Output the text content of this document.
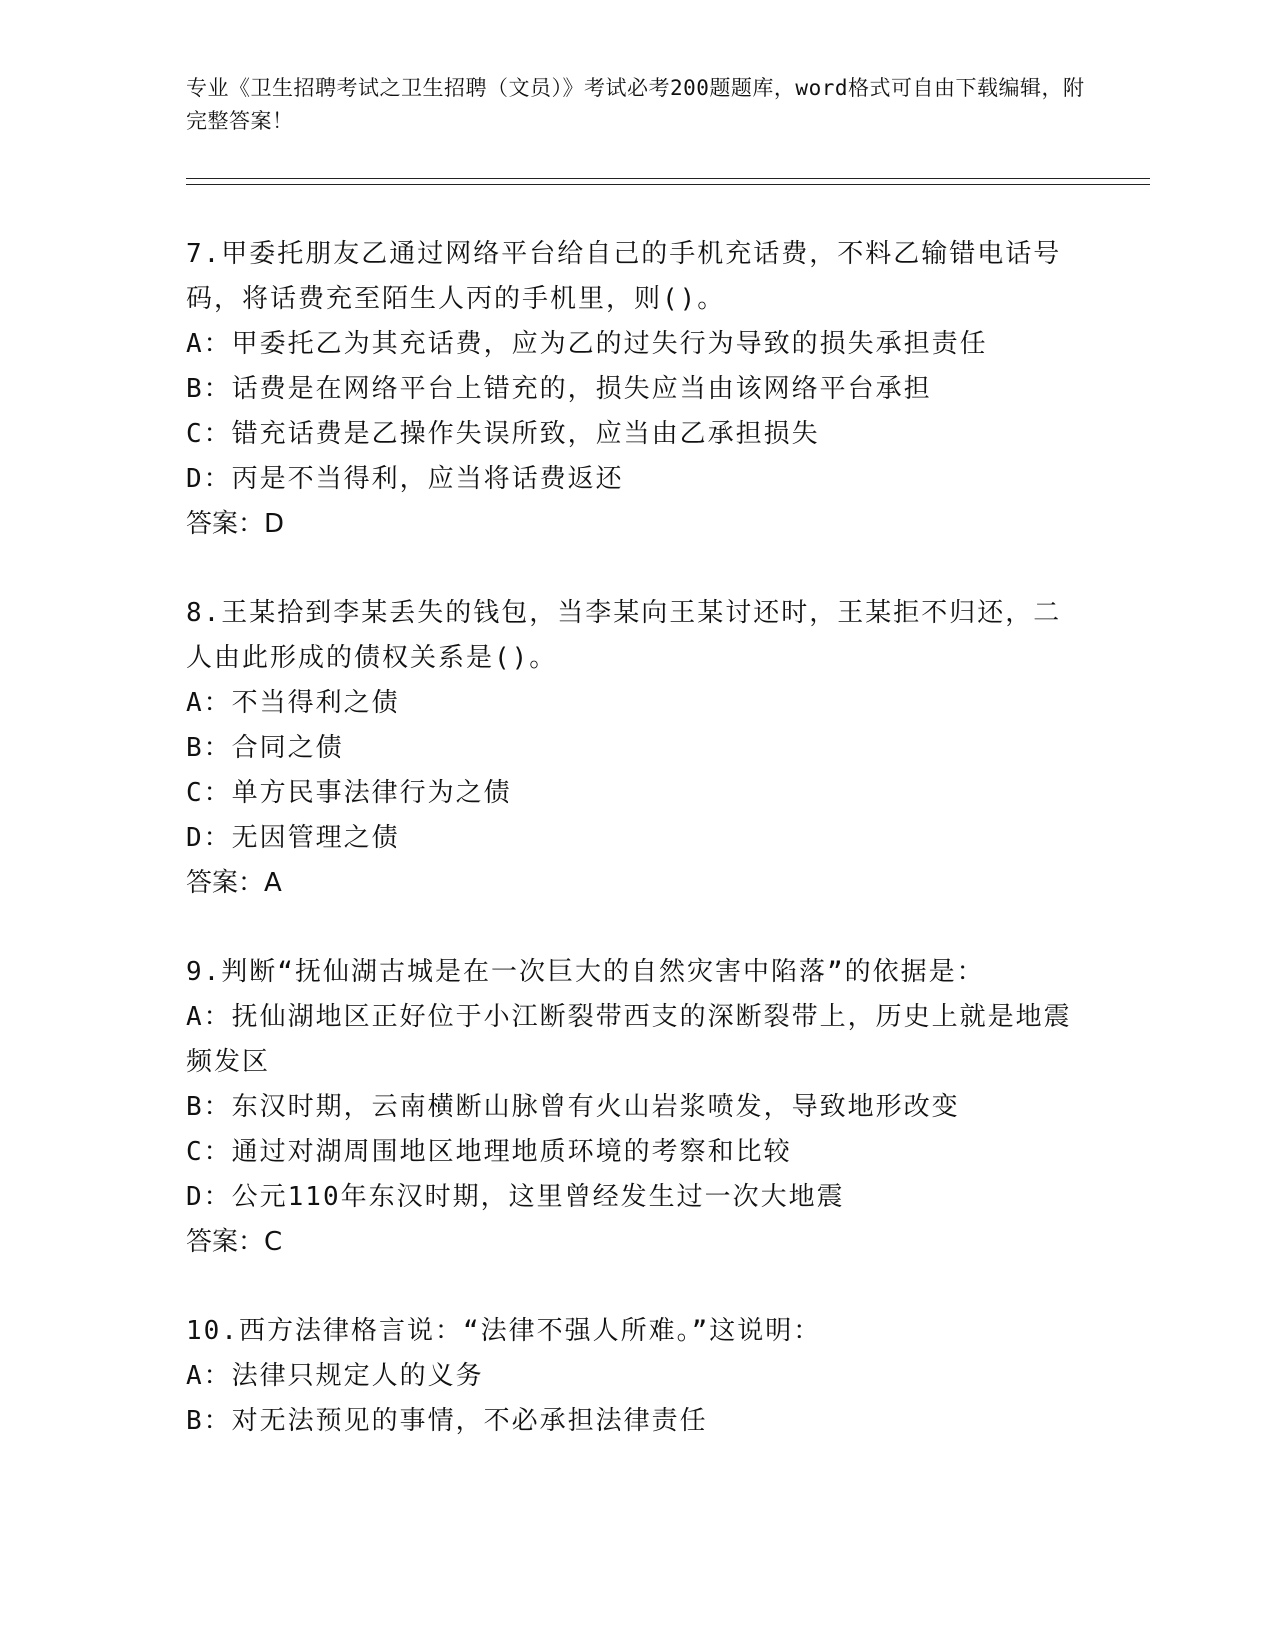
专业《卫生招聘考试之卫生招聘（文员）》考试必考200题题库，word格式可自由下载编辑，附完整答案！
7.甲委托朋友乙通过网络平台给自己的手机充话费，不料乙输错电话号码，将话费充至陌生人丙的手机里，则()。
A：甲委托乙为其充话费，应为乙的过失行为导致的损失承担责任
B：话费是在网络平台上错充的，损失应当由该网络平台承担
C：错充话费是乙操作失误所致，应当由乙承担损失
D：丙是不当得利，应当将话费返还
答案：D
8.王某拾到李某丢失的钱包，当李某向王某讨还时，王某拒不归还，二人由此形成的债权关系是()。
A：不当得利之债
B：合同之债
C：单方民事法律行为之债
D：无因管理之债
答案：A
9.判断“抚仙湖古城是在一次巨大的自然灾害中陷落”的依据是：
A：抚仙湖地区正好位于小江断裂带西支的深断裂带上，历史上就是地震频发区
B：东汉时期，云南横断山脉曾有火山岩浆喷发，导致地形改变
C：通过对湖周围地区地理地质环境的考察和比较
D：公元110年东汉时期，这里曾经发生过一次大地震
答案：C
10.西方法律格言说：“法律不强人所难。”这说明：
A：法律只规定人的义务
B：对无法预见的事情，不必承担法律责任
